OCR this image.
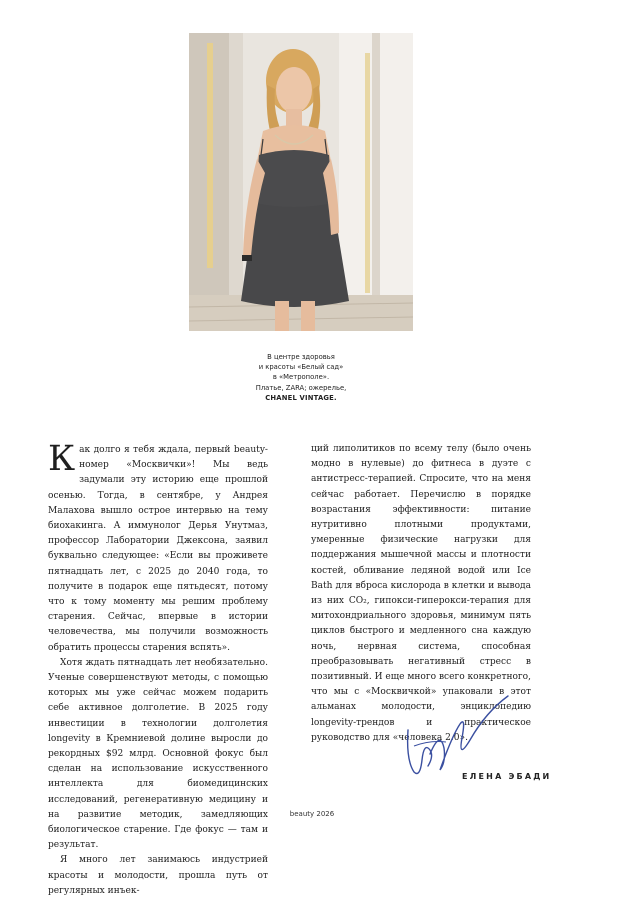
В центре здоровья
и красоты «Белый сад»
в «Метрополе».
Платье, ZARA; ожерелье,
CHANEL VINTAGE.

Как долго я тебя ждала, первый beauty-номер «Москвички»! Мы ведь задумали эту историю еще прошлой осенью. Тогда, в сентябре, у Андрея Малахова вышло острое интервью на тему биохакинга. А иммунолог Дерья Унутмаз, профессор Лаборатории Джексона, заявил буквально следующее: «Если вы проживете пятнадцать лет, с 2025 до 2040 года, то получите в подарок еще пятьдесят, потому что к тому моменту мы решим проблему старения. Сейчас, впервые в истории человечества, мы получили возможность обратить процессы старения вспять».

Хотя ждать пятнадцать лет необязательно. Ученые совершенствуют методы, с помощью которых мы уже сейчас можем подарить себе активное долголетие. В 2025 году инвестиции в технологии долголетия longevity в Кремниевой долине выросли до рекордных $92 млрд. Основной фокус был сделан на использование искусственного интеллекта для биомедицинских исследований, регенеративную медицину и на развитие методик, замедляющих биологическое старение. Где фокус — там и результат.

Я много лет занимаюсь индустрией красоты и молодости, прошла путь от регулярных инъек-

ций липолитиков по всему телу (было очень модно в нулевые) до фитнеса в дуэте с антистресс-терапией. Спросите, что на меня сейчас работает. Перечислю в порядке возрастания эффективности: питание нутритивно плотными продуктами, умеренные физические нагрузки для поддержания мышечной массы и плотности костей, обливание ледяной водой или Ice Bath для вброса кислорода в клетки и вывода из них CO₂, гипокси-гиперокси-терапия для митохондриального здоровья, минимум пять циклов быстрого и медленного сна каждую ночь, нервная система, способная преобразовывать негативный стресс в позитивный. И еще много всего конкретного, что мы с «Москвичкой» упаковали в этот альманах молодости, энциклопедию longevity-трендов и практическое руководство для «человека 2.0».

ЕЛЕНА ЭБАДИ
beauty 2026
